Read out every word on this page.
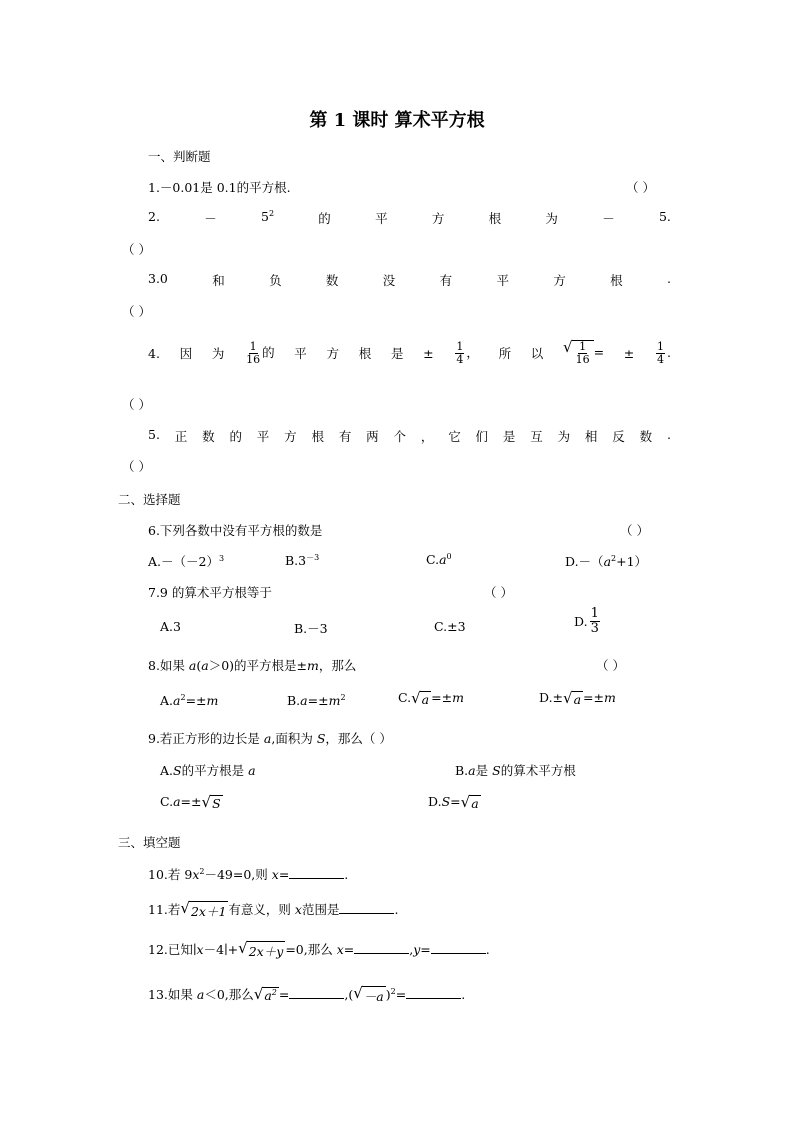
第 1 课时 算术平方根
一、判断题
1.－0.01是 0.1的平方根.	（ ）
2.	－	$5^2$	的	平	方	根	为	－	5.
（ ）
3.0	和	负	数	没	有	平	方	根	.
（ ）
4. 因 为 $\frac{1}{16}$ 的 平 方 根 是 ± $\frac{1}{4}$ ， 所 以 √ $\frac{1}{16}$ = ± $\frac{1}{4}$ .
（ ）
5. 正 数 的 平 方 根 有 两 个 ， 它 们 是 互 为 相 反 数 .
（ ）
二、选择题
6.下列各数中没有平方根的数是	（ ）
$A.-(-2)^3$	$B.3^{-3}$	$C.a^0$	$D.-(a^2+1)$
7.9 的算术平方根等于	（ ）
A.3	B.－3	C.±3	D. $\frac{1}{3}$
8.如果 a(a＞0)的平方根是±m，那么	（ ）
$A.a^2=\pm m$	$B.a=\pm m^2$	C. √ a =±m	D.± √ a =±m
9.若正方形的边长是 a,面积为 S，那么（ ）
A.S的平方根是 a	B.a是 S的算术平方根
C.a=± √ S	D.S= √ a
三、填空题
10.若 $9x^2-49=0$,则 x=	.
11.若 √ 2x＋1 有意义，则 x范围是	.
12.已知∣x－4∣+ √ 2x＋y =0,那么 x=	,y=	.
13.如果 a＜0,那么 √ $a^2$ =	,( √ －a )$^2$=	.
